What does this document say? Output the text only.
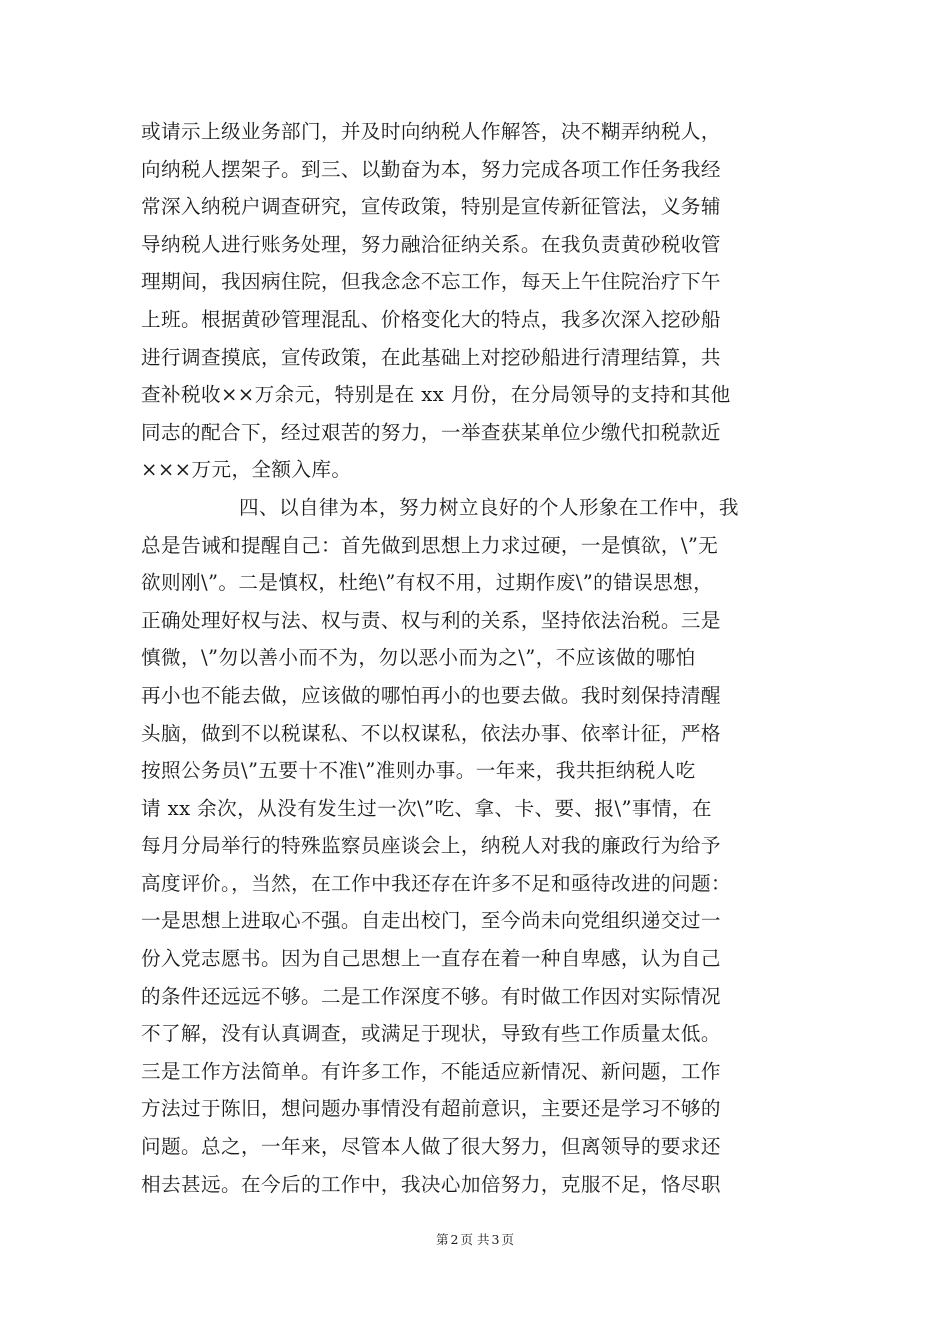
或请示上级业务部门，并及时向纳税人作解答，决不糊弄纳税人，
向纳税人摆架子。到三、以勤奋为本，努力完成各项工作任务我经
常深入纳税户调查研究，宣传政策，特别是宣传新征管法，义务辅
导纳税人进行账务处理，努力融洽征纳关系。在我负责黄砂税收管
理期间，我因病住院，但我念念不忘工作，每天上午住院治疗下午
上班。根据黄砂管理混乱、价格变化大的特点，我多次深入挖砂船
进行调查摸底，宣传政策，在此基础上对挖砂船进行清理结算，共
查补税收××万余元，特别是在 xx 月份，在分局领导的支持和其他
同志的配合下，经过艰苦的努力，一举查获某单位少缴代扣税款近
×××万元，全额入库。
四、以自律为本，努力树立良好的个人形象在工作中，我
总是告诫和提醒自己：首先做到思想上力求过硬，一是慎欲，\”无
欲则刚\”。二是慎权，杜绝\”有权不用，过期作废\”的错误思想，
正确处理好权与法、权与责、权与利的关系，坚持依法治税。三是
慎微，\”勿以善小而不为，勿以恶小而为之\”，不应该做的哪怕
再小也不能去做，应该做的哪怕再小的也要去做。我时刻保持清醒
头脑，做到不以税谋私、不以权谋私，依法办事、依率计征，严格
按照公务员\”五要十不准\”准则办事。一年来，我共拒纳税人吃
请 xx 余次，从没有发生过一次\”吃、拿、卡、要、报\”事情，在
每月分局举行的特殊监察员座谈会上，纳税人对我的廉政行为给予
高度评价。，当然，在工作中我还存在许多不足和亟待改进的问题：
一是思想上进取心不强。自走出校门，至今尚未向党组织递交过一
份入党志愿书。因为自己思想上一直存在着一种自卑感，认为自己
的条件还远远不够。二是工作深度不够。有时做工作因对实际情况
不了解，没有认真调查，或满足于现状，导致有些工作质量太低。
三是工作方法简单。有许多工作，不能适应新情况、新问题，工作
方法过于陈旧，想问题办事情没有超前意识，主要还是学习不够的
问题。总之，一年来，尽管本人做了很大努力，但离领导的要求还
相去甚远。在今后的工作中，我决心加倍努力，克服不足，恪尽职
第 2 页 共 3 页
